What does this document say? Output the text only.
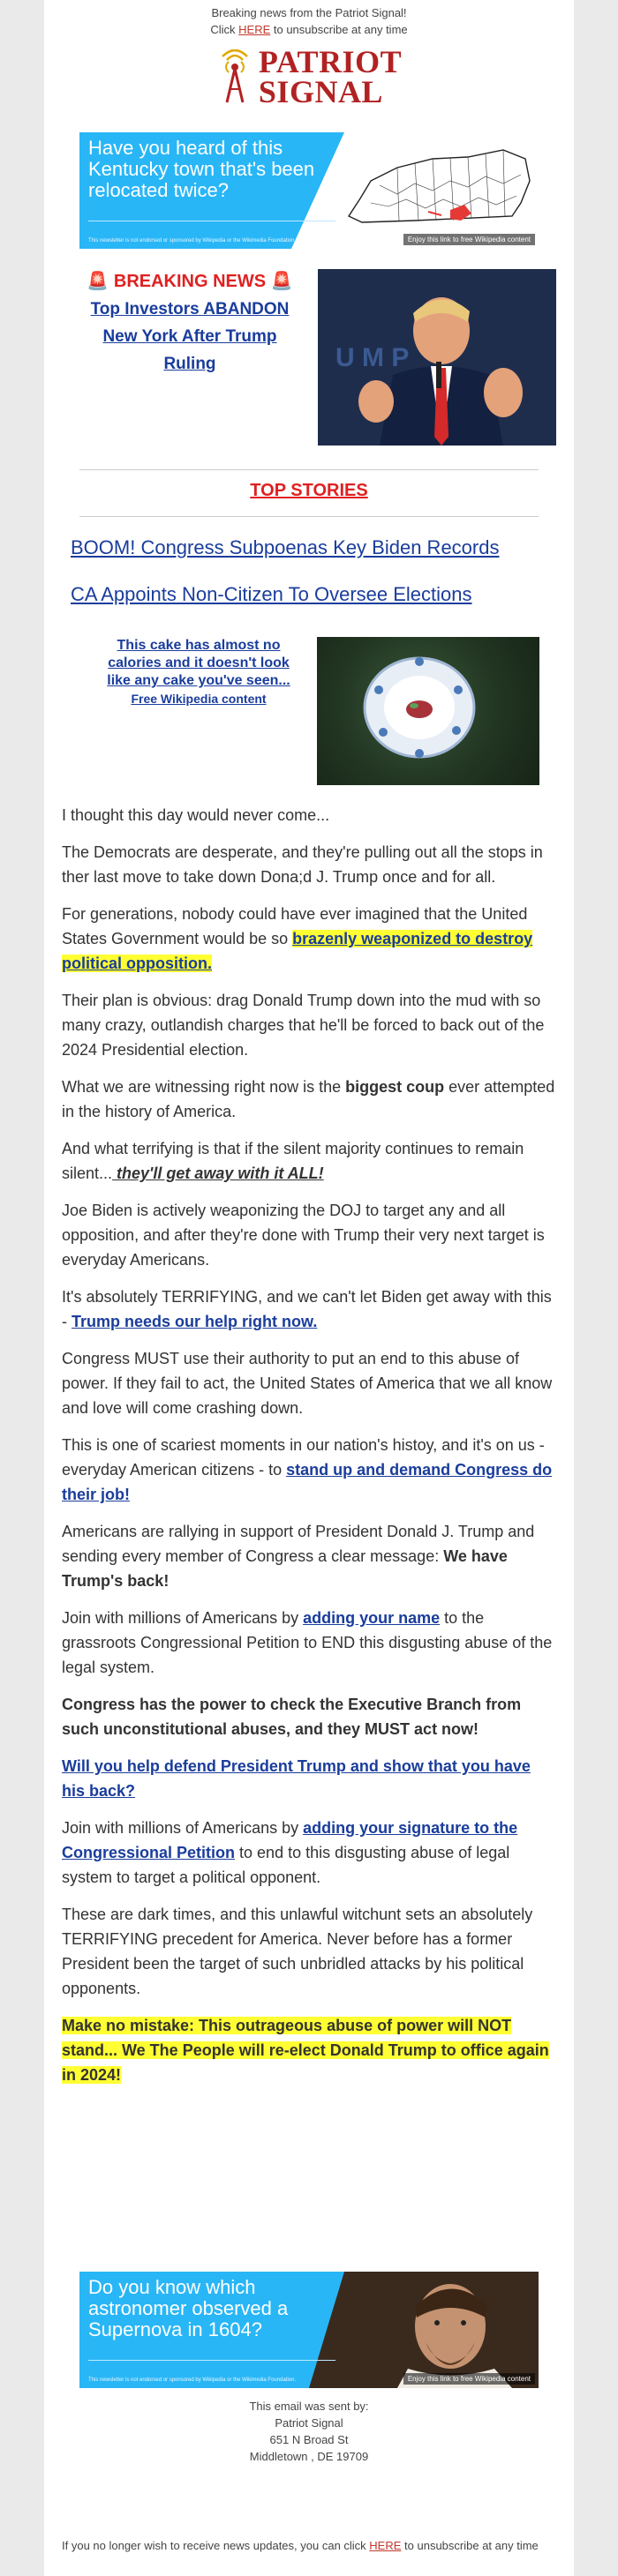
Breaking news from the Patriot Signal!
Click HERE to unsubscribe at any time
PATRIOT
SIGNAL
Have you heard of this Kentucky town that's been relocated twice?
This newsletter is not endorsed or sponsored by Wikipedia or the Wikimedia Foundation.	Enjoy this link to free Wikipedia content
🚨 BREAKING NEWS 🚨
Top Investors ABANDON New York After Trump Ruling	U M P
TOP STORIES
BOOM! Congress Subpoenas Key Biden Records
CA Appoints Non-Citizen To Oversee Elections
This cake has almost no calories and it doesn't look like any cake you've seen...
Free Wikipedia content

I thought this day would never come...

The Democrats are desperate, and they're pulling out all the stops in ther last move to take down Dona;d J. Trump once and for all.

For generations, nobody could have ever imagined that the United States Government would be so brazenly weaponized to destroy political opposition.

Their plan is obvious: drag Donald Trump down into the mud with so many crazy, outlandish charges that he'll be forced to back out of the 2024 Presidential election.

What we are witnessing right now is the biggest coup ever attempted in the history of America.

And what terrifying is that if the silent majority continues to remain silent... they'll get away with it ALL!

Joe Biden is actively weaponizing the DOJ to target any and all opposition, and after they're done with Trump their very next target is everyday Americans.

It's absolutely TERRIFYING, and we can't let Biden get away with this - Trump needs our help right now.

Congress MUST use their authority to put an end to this abuse of power. If they fail to act, the United States of America that we all know and love will come crashing down.

This is one of scariest moments in our nation's histoy, and it's on us - everyday American citizens - to stand up and demand Congress do their job!

Americans are rallying in support of President Donald J. Trump and sending every member of Congress a clear message: We have Trump's back!

Join with millions of Americans by adding your name to the grassroots Congressional Petition to END this disgusting abuse of the legal system.

Congress has the power to check the Executive Branch from such unconstitutional abuses, and they MUST act now!

Will you help defend President Trump and show that you have his back?

Join with millions of Americans by adding your signature to the Congressional Petition to end to this disgusting abuse of legal system to target a political opponent.

These are dark times, and this unlawful witchunt sets an absolutely TERRIFYING precedent for America. Never before has a former President been the target of such unbridled attacks by his political opponents.

Make no mistake: This outrageous abuse of power will NOT stand... We The People will re-elect Donald Trump to office again in 2024!

Do you know which astronomer observed a Supernova in 1604?
This newsletter is not endorsed or sponsored by Wikipedia or the Wikimedia Foundation.	Enjoy this link to free Wikipedia content
This email was sent by:
Patriot Signal
651 N Broad St
Middletown , DE 19709
If you no longer wish to receive news updates, you can click HERE to unsubscribe at any time
